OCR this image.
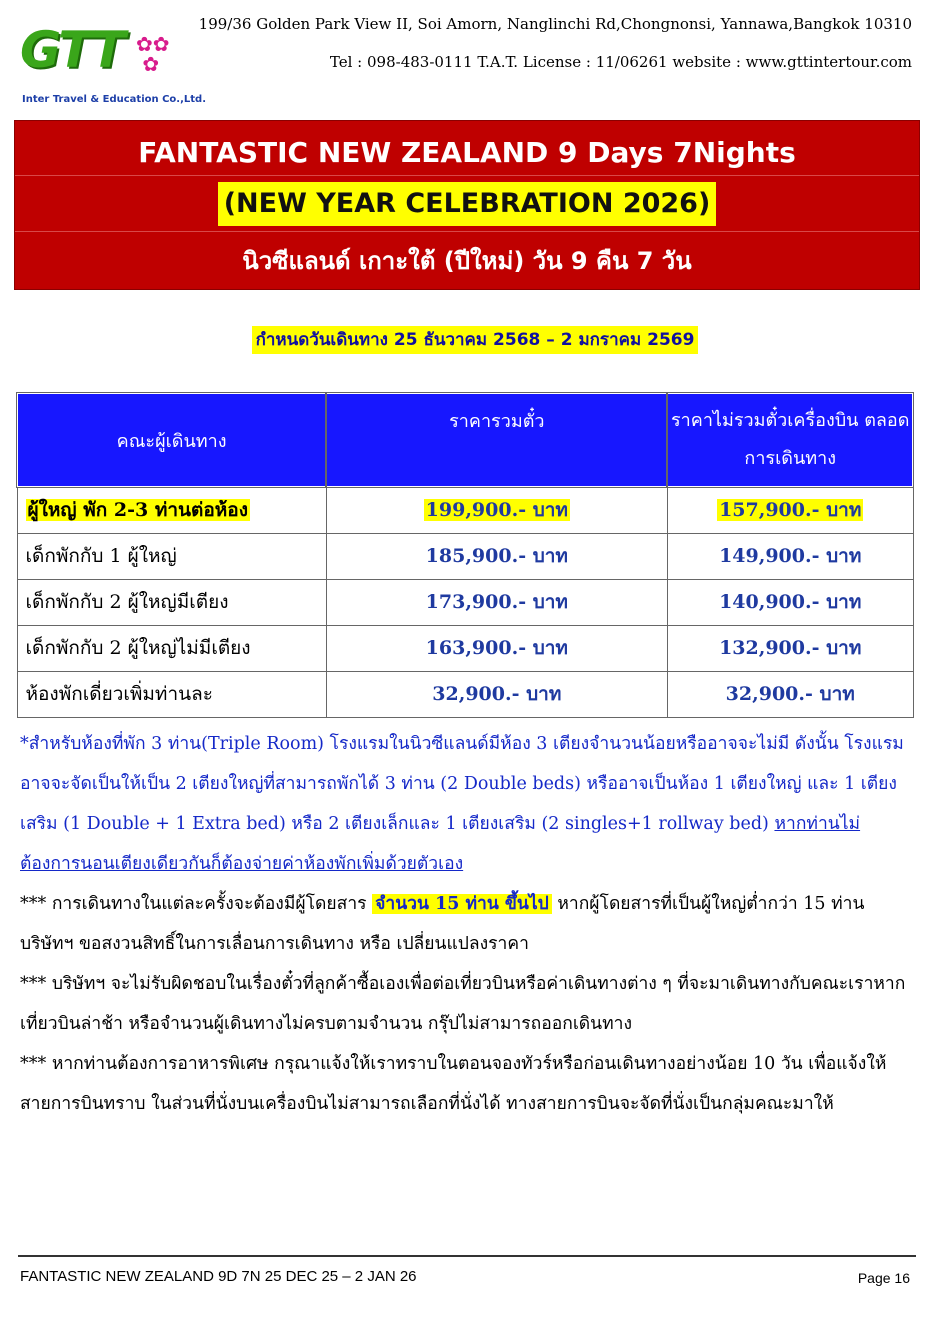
GTT ✿✿
✿
Inter Travel & Education Co.,Ltd.
199/36 Golden Park View II, Soi Amorn, Nanglinchi Rd,Chongnonsi, Yannawa,Bangkok 10310
Tel : 098-483-0111 T.A.T. License : 11/06261 website : www.gttintertour.com
FANTASTIC NEW ZEALAND 9 Days 7Nights
(NEW YEAR CELEBRATION 2026)
นิวซีแลนด์ เกาะใต้ (ปีใหม่) วัน 9 คืน 7 วัน
กำหนดวันเดินทาง 25 ธันวาคม 2568 – 2 มกราคม 2569
คณะผู้เดินทาง	ราคารวมตั๋ว	ราคาไม่รวมตั๋วเครื่องบิน ตลอดการเดินทาง
ผู้ใหญ่ พัก 2-3 ท่านต่อห้อง	199,900.- บาท	157,900.- บาท
เด็กพักกับ 1 ผู้ใหญ่	185,900.- บาท	149,900.- บาท
เด็กพักกับ 2 ผู้ใหญ่มีเตียง	173,900.- บาท	140,900.- บาท
เด็กพักกับ 2 ผู้ใหญ่ไม่มีเตียง	163,900.- บาท	132,900.- บาท
ห้องพักเดี่ยวเพิ่มท่านละ	32,900.- บาท	32,900.- บาท

*สำหรับห้องที่พัก 3 ท่าน(Triple Room) โรงแรมในนิวซีแลนด์มีห้อง 3 เตียงจำนวนน้อยหรืออาจจะไม่มี ดังนั้น โรงแรมอาจจะจัดเป็นให้เป็น 2 เตียงใหญ่ที่สามารถพักได้ 3 ท่าน (2 Double beds) หรืออาจเป็นห้อง 1 เตียงใหญ่ และ 1 เตียงเสริม (1 Double + 1 Extra bed) หรือ 2 เตียงเล็กและ 1 เตียงเสริม (2 singles+1 rollway bed) หากท่านไม่ต้องการนอนเตียงเดียวกันก็ต้องจ่ายค่าห้องพักเพิ่มด้วยตัวเอง

*** การเดินทางในแต่ละครั้งจะต้องมีผู้โดยสาร จำนวน 15 ท่าน ขึ้นไป หากผู้โดยสารที่เป็นผู้ใหญ่ต่ำกว่า 15 ท่าน บริษัทฯ ขอสงวนสิทธิ์ในการเลื่อนการเดินทาง หรือ เปลี่ยนแปลงราคา

*** บริษัทฯ จะไม่รับผิดชอบในเรื่องตั๋วที่ลูกค้าซื้อเองเพื่อต่อเที่ยวบินหรือค่าเดินทางต่าง ๆ ที่จะมาเดินทางกับคณะเราหากเที่ยวบินล่าช้า หรือจำนวนผู้เดินทางไม่ครบตามจำนวน กรุ๊ปไม่สามารถออกเดินทาง

*** หากท่านต้องการอาหารพิเศษ กรุณาแจ้งให้เราทราบในตอนจองทัวร์หรือก่อนเดินทางอย่างน้อย 10 วัน เพื่อแจ้งให้สายการบินทราบ ในส่วนที่นั่งบนเครื่องบินไม่สามารถเลือกที่นั่งได้ ทางสายการบินจะจัดที่นั่งเป็นกลุ่มคณะมาให้

FANTASTIC NEW ZEALAND 9D 7N 25 DEC 25 – 2 JAN 26	Page 16
